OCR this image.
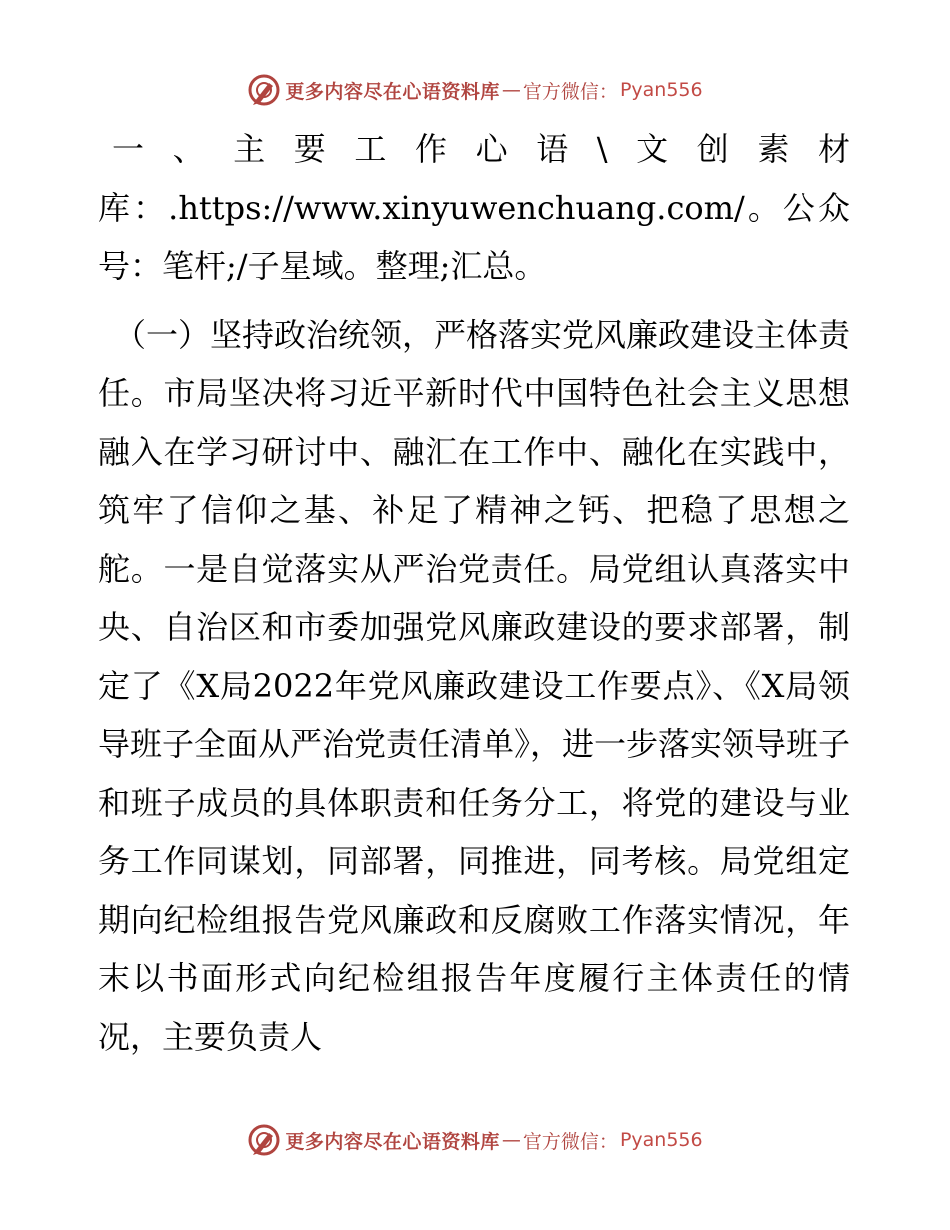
更多内容尽在心语资料库 — 官方微信： Pyan556

一、主要工作心语\文创素材库：.https://www.xinyuwenchuang.com/。公众号：笔杆;/子星域。整理;汇总。

（一）坚持政治统领，严格落实党风廉政建设主体责任。市局坚决将习近平新时代中国特色社会主义思想融入在学习研讨中、融汇在工作中、融化在实践中，筑牢了信仰之基、补足了精神之钙、把稳了思想之舵。一是自觉落实从严治党责任。局党组认真落实中央、自治区和市委加强党风廉政建设的要求部署，制定了《X局2022年党风廉政建设工作要点》、《X局领导班子全面从严治党责任清单》，进一步落实领导班子和班子成员的具体职责和任务分工，将党的建设与业务工作同谋划，同部署，同推进，同考核。局党组定期向纪检组报告党风廉政和反腐败工作落实情况，年末以书面形式向纪检组报告年度履行主体责任的情况，主要负责人

更多内容尽在心语资料库 — 官方微信： Pyan556
